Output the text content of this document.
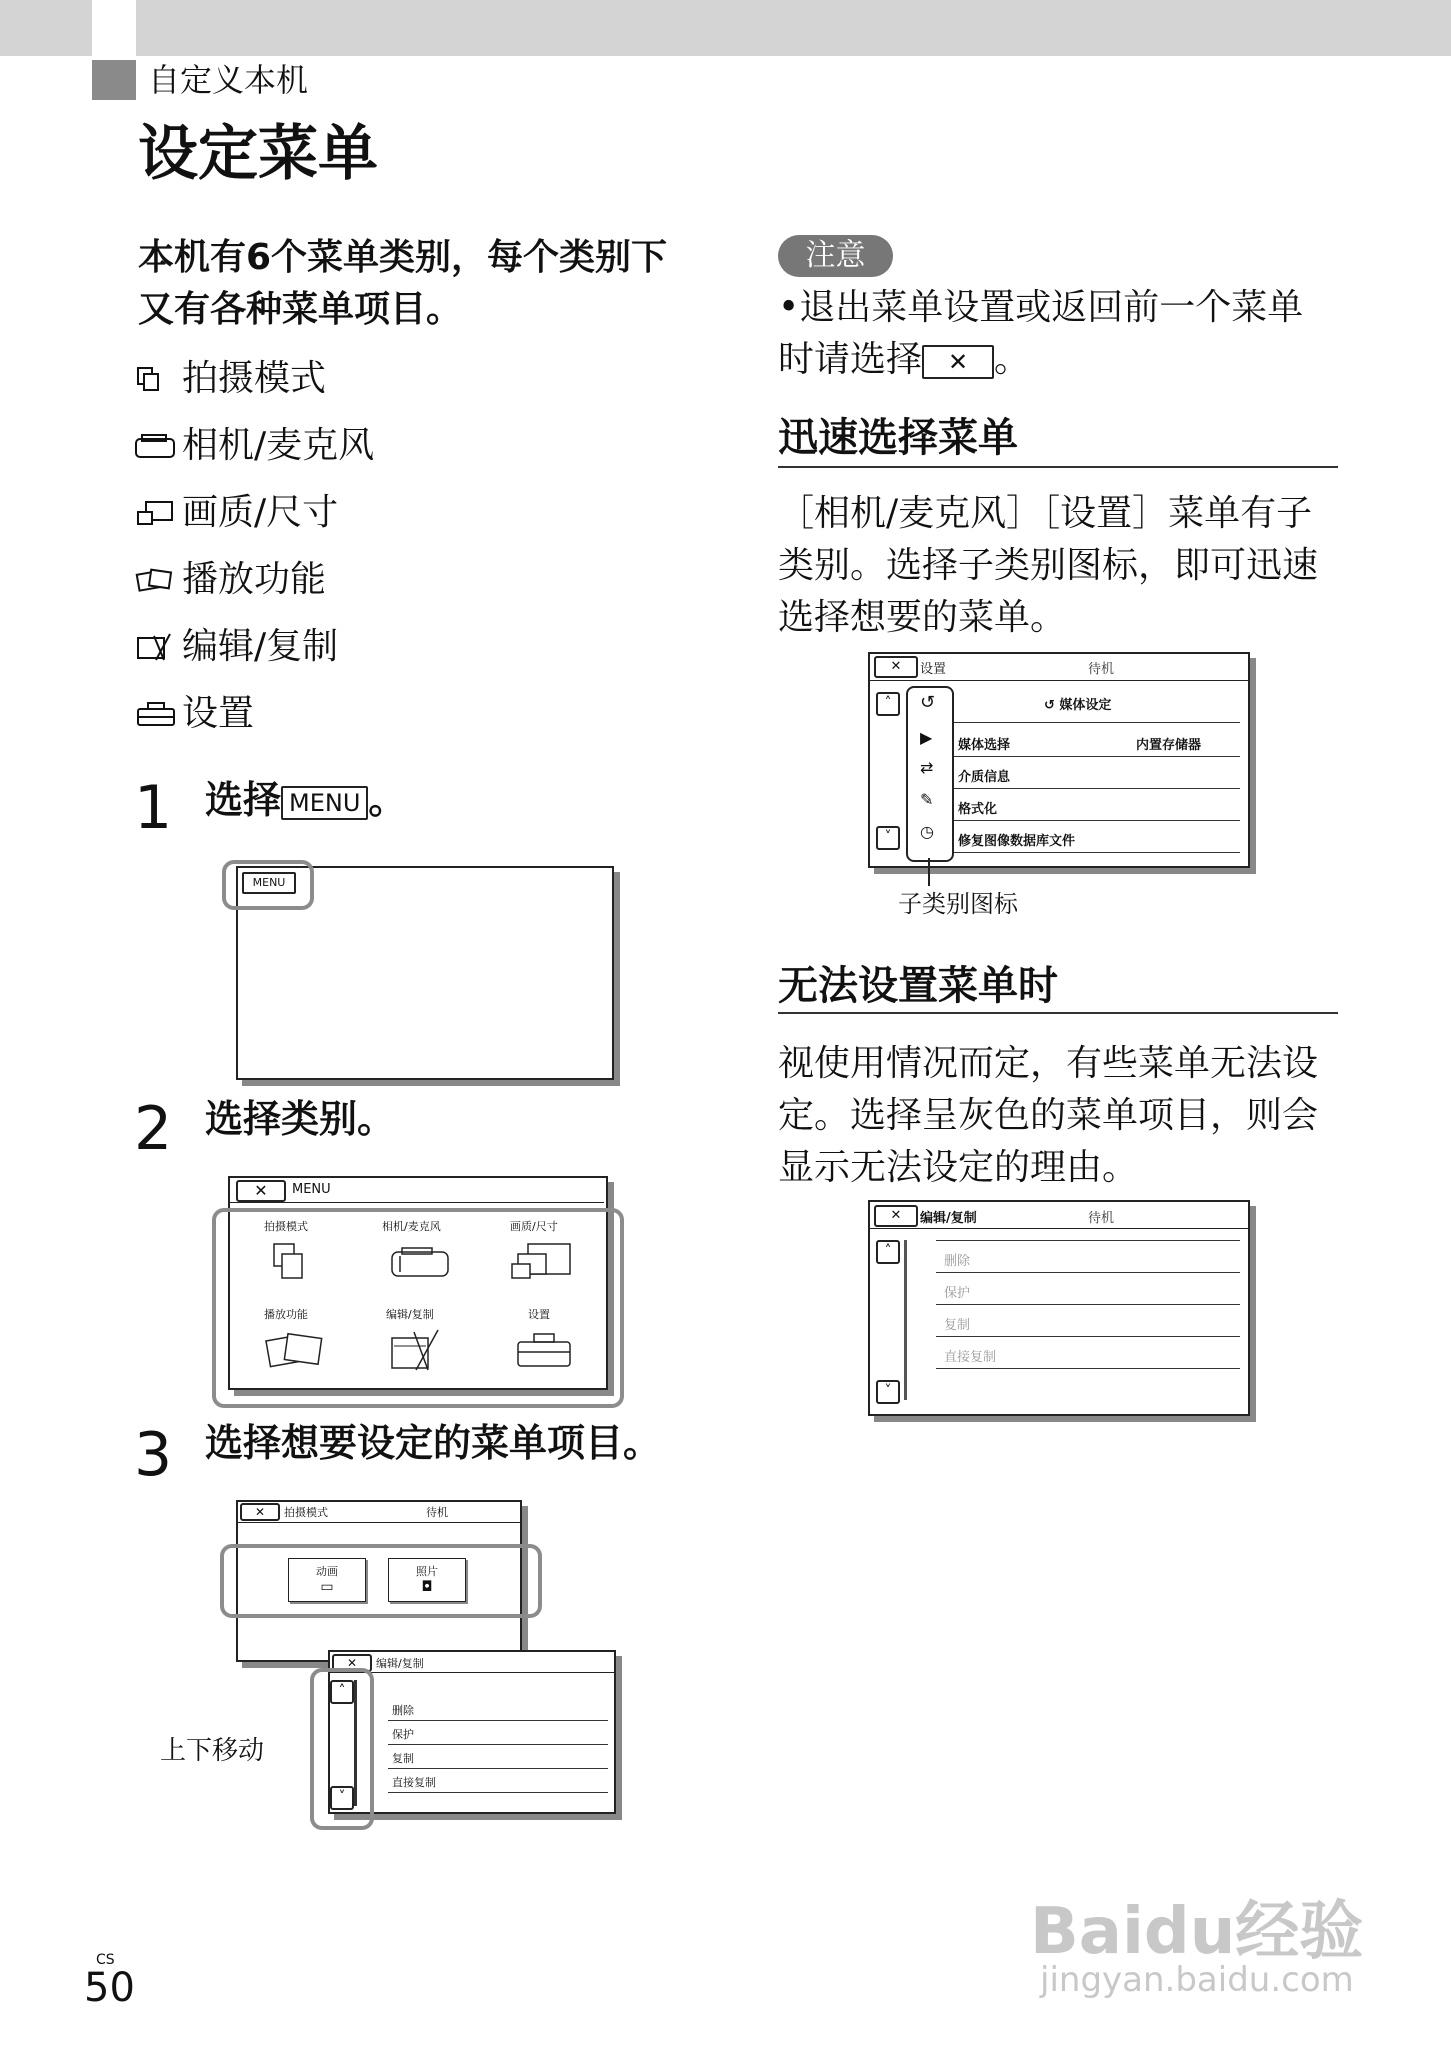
自定义本机
设定菜单
本机有6个菜单类别，每个类别下又有各种菜单项目。
拍摄模式
相机/麦克风
画质/尺寸
播放功能
编辑/复制
设置
1 选择 MENU 。
MENU
2 选择类别。
✕	MENU
拍摄模式	相机/麦克风	画质/尺寸
播放功能	编辑/复制	设置
3 选择想要设定的菜单项目。
✕	拍摄模式	待机
动画
▭
照片
◘
✕	编辑/复制
˄
˅
删除
保护
复制
直接复制
上下移动
注意
•退出菜单设置或返回前一个菜单时请选择 ✕ 。
迅速选择菜单
［相机/麦克风］［设置］菜单有子类别。选择子类别图标，即可迅速选择想要的菜单。
✕	设置	待机
˄
˅
↺
▶
⇄
✎
◷
↺ 媒体设定
媒体选择	内置存储器
介质信息
格式化
修复图像数据库文件
子类别图标
无法设置菜单时
视使用情况而定，有些菜单无法设定。选择呈灰色的菜单项目，则会显示无法设定的理由。
✕	编辑/复制	待机
˄
˅
删除
保护
复制
直接复制
CS
50
Baidu经验
jingyan.baidu.com
